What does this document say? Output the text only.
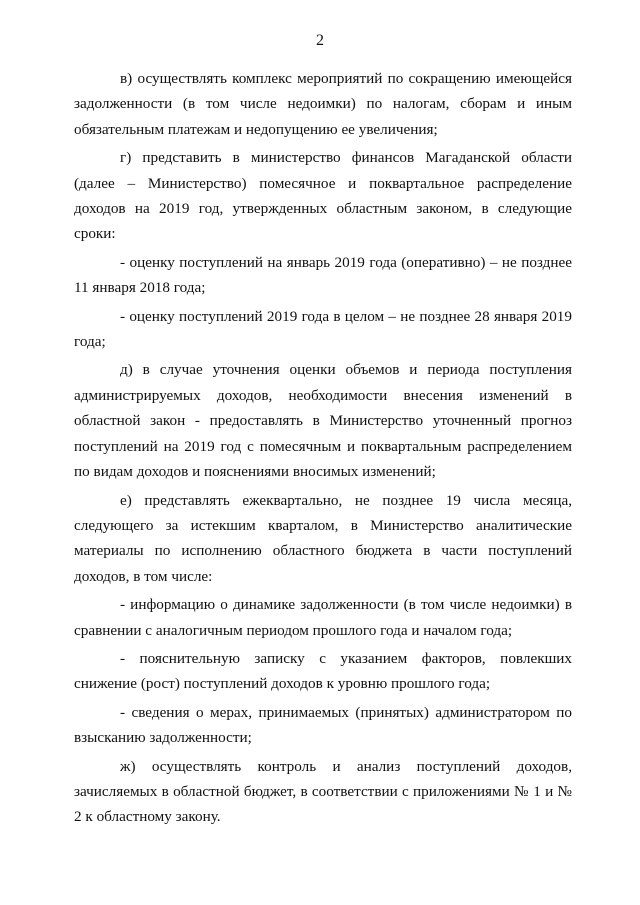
2

в) осуществлять комплекс мероприятий по сокращению имеющейся задолженности (в том числе недоимки) по налогам, сборам и иным обязательным платежам и недопущению ее увеличения;

г) представить в министерство финансов Магаданской области (далее – Министерство) помесячное и поквартальное распределение доходов на 2019 год, утвержденных областным законом, в следующие сроки:

- оценку поступлений на январь 2019 года (оперативно) – не позднее 11 января 2018 года;

- оценку поступлений 2019 года в целом – не позднее 28 января 2019 года;

д) в случае уточнения оценки объемов и периода поступления администрируемых доходов, необходимости внесения изменений в областной закон - предоставлять в Министерство уточненный прогноз поступлений на 2019 год с помесячным и поквартальным распределением по видам доходов и пояснениями вносимых изменений;

е) представлять ежеквартально, не позднее 19 числа месяца, следующего за истекшим кварталом, в Министерство аналитические материалы по исполнению областного бюджета в части поступлений доходов, в том числе:

- информацию о динамике задолженности (в том числе недоимки) в сравнении с аналогичным периодом прошлого года и началом года;

- пояснительную записку с указанием факторов, повлекших снижение (рост) поступлений доходов к уровню прошлого года;

- сведения о мерах, принимаемых (принятых) администратором по взысканию задолженности;

ж) осуществлять контроль и анализ поступлений доходов, зачисляемых в областной бюджет, в соответствии с приложениями № 1 и № 2 к областному закону.
